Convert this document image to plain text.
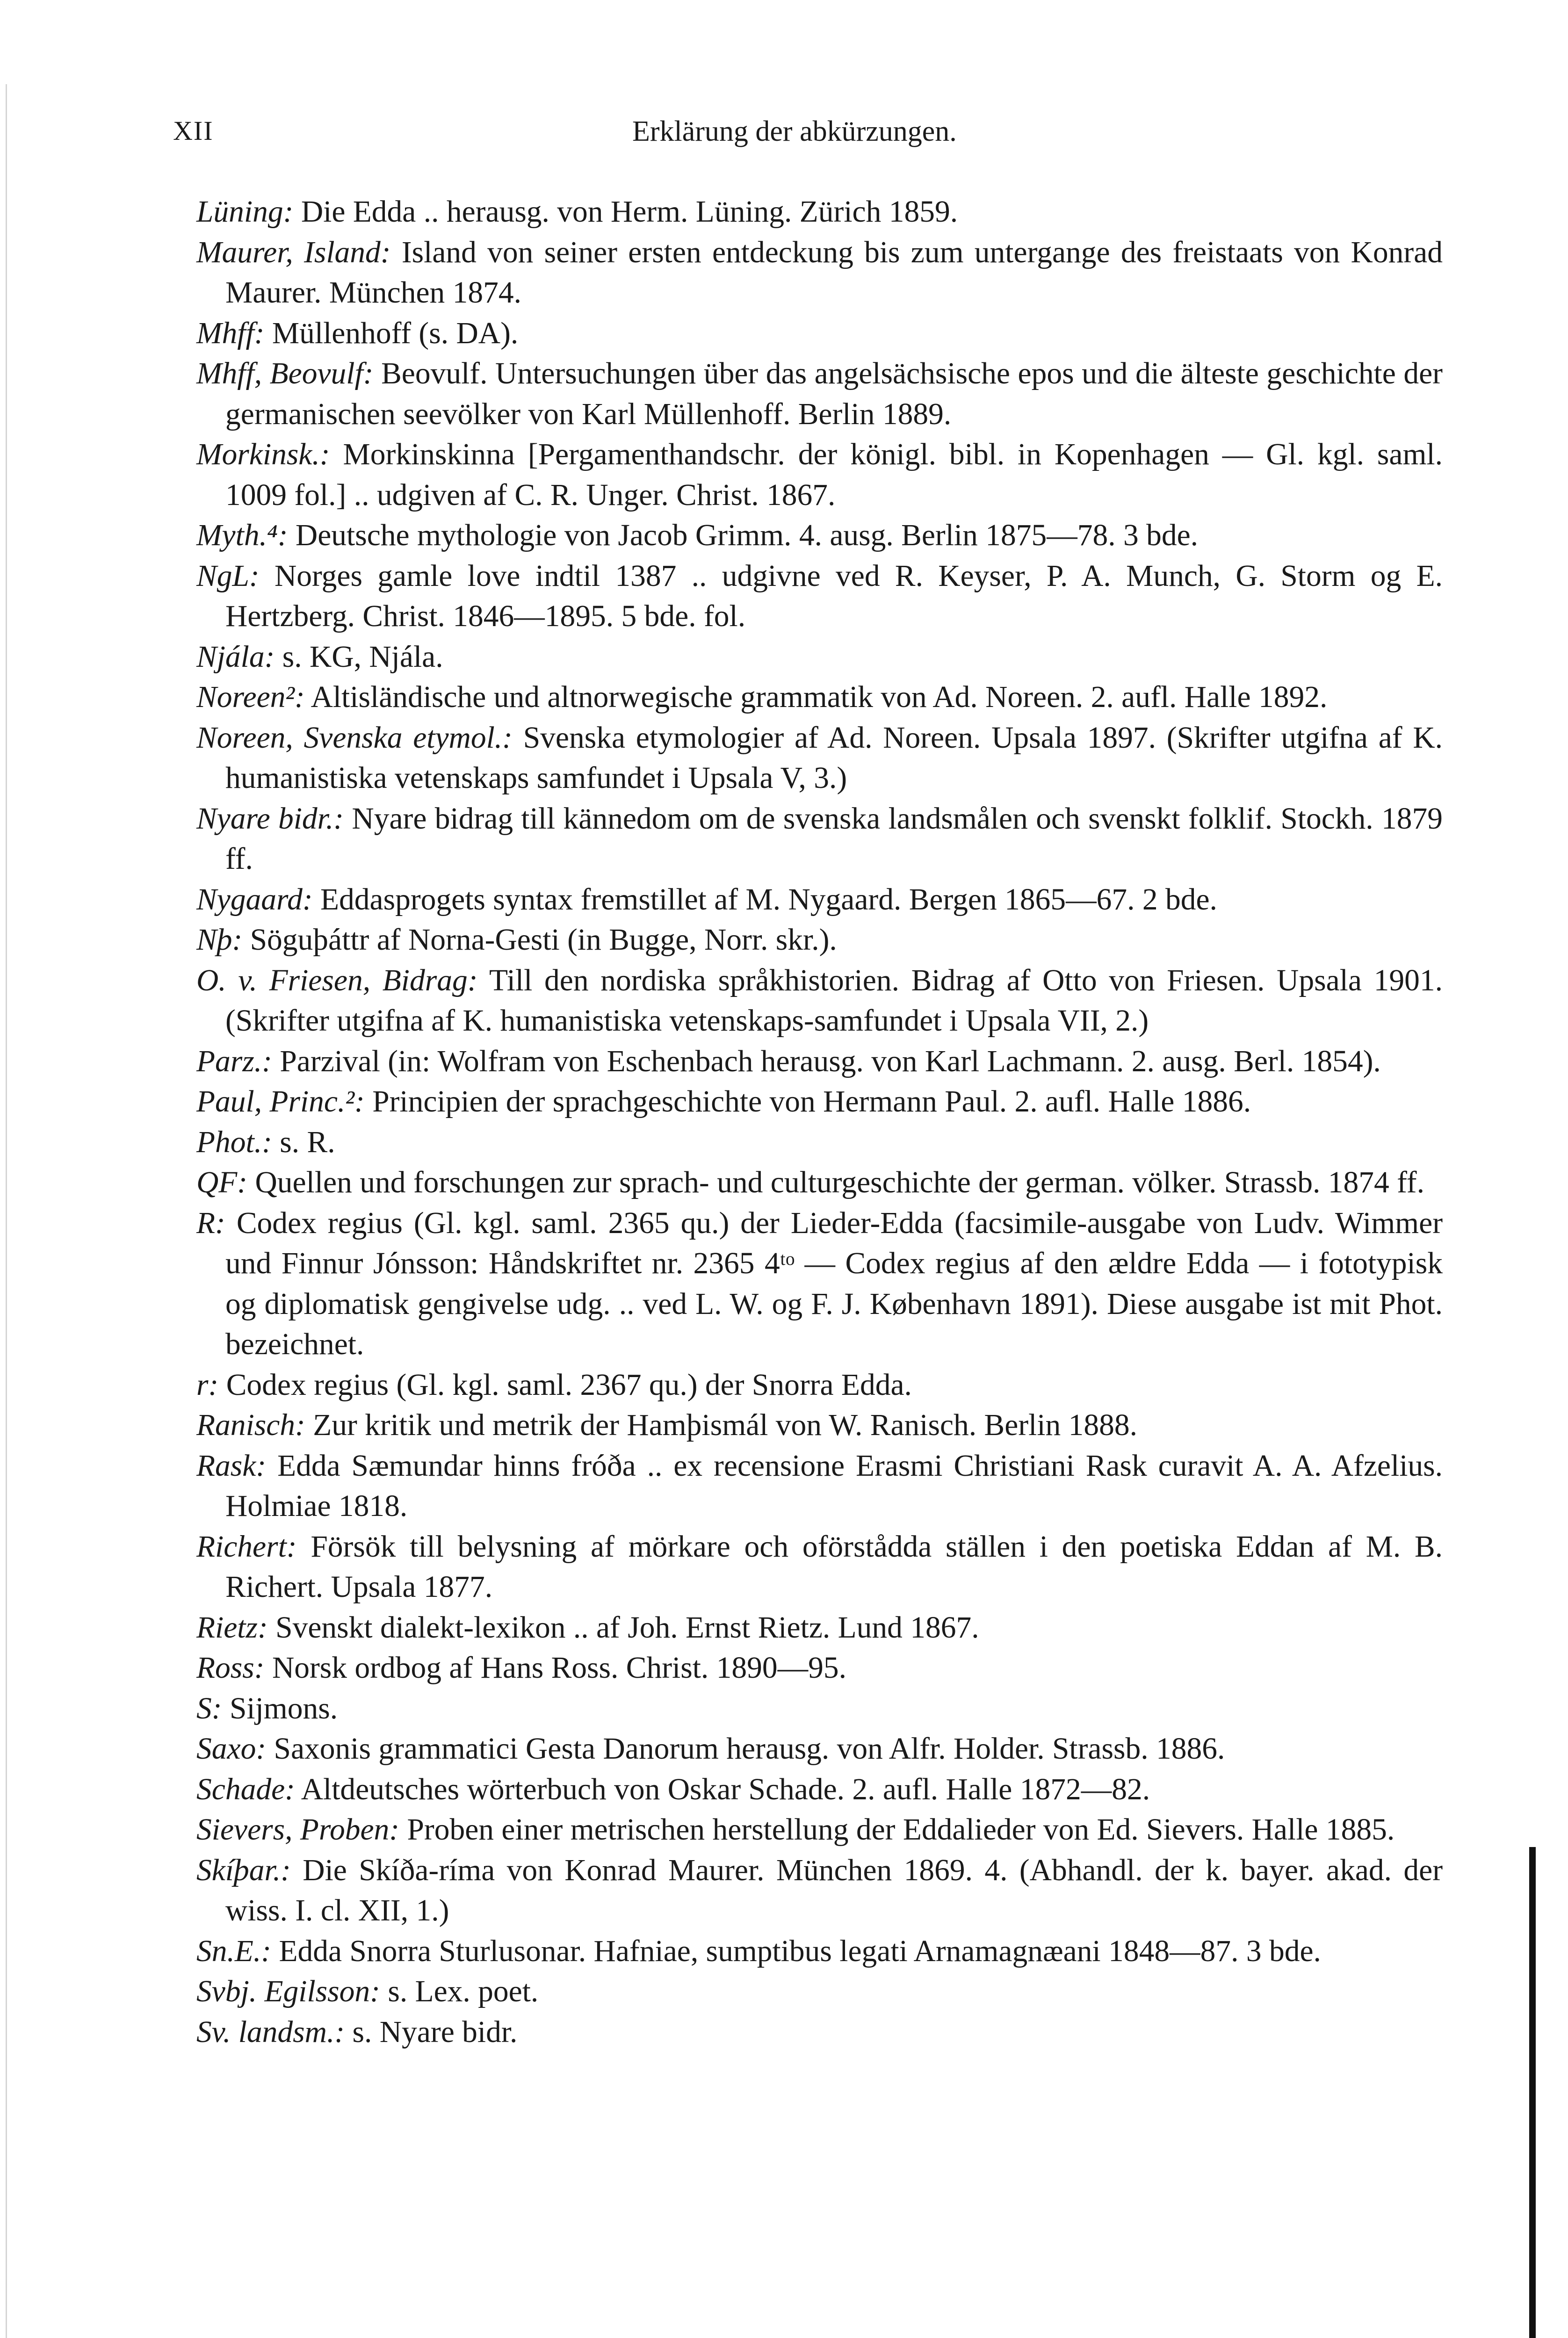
XII	Erklärung der abkürzungen.
Lüning: Die Edda .. herausg. von Herm. Lüning. Zürich 1859.
Maurer, Island: Island von seiner ersten entdeckung bis zum untergange des freistaats von Konrad Maurer. München 1874.
Mhff: Müllenhoff (s. DA).
Mhff, Beovulf: Beovulf. Untersuchungen über das angelsächsische epos und die älteste geschichte der germanischen seevölker von Karl Müllenhoff. Berlin 1889.
Morkinsk.: Morkinskinna [Pergamenthandschr. der königl. bibl. in Kopenhagen — Gl. kgl. saml. 1009 fol.] .. udgiven af C. R. Unger. Christ. 1867.
Myth.⁴: Deutsche mythologie von Jacob Grimm. 4. ausg. Berlin 1875—78. 3 bde.
NgL: Norges gamle love indtil 1387 .. udgivne ved R. Keyser, P. A. Munch, G. Storm og E. Hertzberg. Christ. 1846—1895. 5 bde. fol.
Njála: s. KG, Njála.
Noreen²: Altisländische und altnorwegische grammatik von Ad. Noreen. 2. aufl. Halle 1892.
Noreen, Svenska etymol.: Svenska etymologier af Ad. Noreen. Upsala 1897. (Skrifter utgifna af K. humanistiska vetenskaps samfundet i Upsala V, 3.)
Nyare bidr.: Nyare bidrag till kännedom om de svenska landsmålen och svenskt folklif. Stockh. 1879 ff.
Nygaard: Eddasprogets syntax fremstillet af M. Nygaard. Bergen 1865—67. 2 bde.
Nþ: Söguþáttr af Norna-Gesti (in Bugge, Norr. skr.).
O. v. Friesen, Bidrag: Till den nordiska språkhistorien. Bidrag af Otto von Friesen. Upsala 1901. (Skrifter utgifna af K. humanistiska vetenskaps-samfundet i Upsala VII, 2.)
Parz.: Parzival (in: Wolfram von Eschenbach herausg. von Karl Lachmann. 2. ausg. Berl. 1854).
Paul, Princ.²: Principien der sprachgeschichte von Hermann Paul. 2. aufl. Halle 1886.
Phot.: s. R.
QF: Quellen und forschungen zur sprach- und culturgeschichte der german. völker. Strassb. 1874 ff.
R: Codex regius (Gl. kgl. saml. 2365 qu.) der Lieder-Edda (facsimile-ausgabe von Ludv. Wimmer und Finnur Jónsson: Håndskriftet nr. 2365 4ᵗᵒ — Codex regius af den ældre Edda — i fototypisk og diplomatisk gengivelse udg. .. ved L. W. og F. J. København 1891). Diese ausgabe ist mit Phot. bezeichnet.
r: Codex regius (Gl. kgl. saml. 2367 qu.) der Snorra Edda.
Ranisch: Zur kritik und metrik der Hamþismál von W. Ranisch. Berlin 1888.
Rask: Edda Sæmundar hinns fróða .. ex recensione Erasmi Christiani Rask curavit A. A. Afzelius. Holmiae 1818.
Richert: Försök till belysning af mörkare och oförstådda ställen i den poetiska Eddan af M. B. Richert. Upsala 1877.
Rietz: Svenskt dialekt-lexikon .. af Joh. Ernst Rietz. Lund 1867.
Ross: Norsk ordbog af Hans Ross. Christ. 1890—95.
S: Sijmons.
Saxo: Saxonis grammatici Gesta Danorum herausg. von Alfr. Holder. Strassb. 1886.
Schade: Altdeutsches wörterbuch von Oskar Schade. 2. aufl. Halle 1872—82.
Sievers, Proben: Proben einer metrischen herstellung der Eddalieder von Ed. Sievers. Halle 1885.
Skíþar.: Die Skíða-ríma von Konrad Maurer. München 1869. 4. (Abhandl. der k. bayer. akad. der wiss. I. cl. XII, 1.)
Sn.E.: Edda Snorra Sturlusonar. Hafniae, sumptibus legati Arnamagnæani 1848—87. 3 bde.
Svbj. Egilsson: s. Lex. poet.
Sv. landsm.: s. Nyare bidr.
